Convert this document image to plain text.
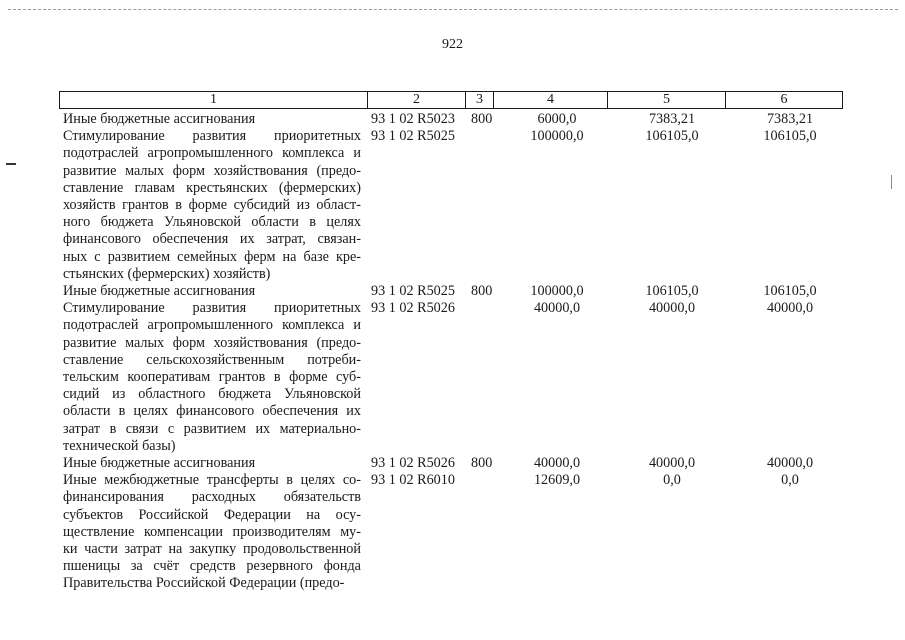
922
1	2	3	4	5	6
Иные бюджетные ассигнования	93 1 02 R5023 800	6000,0	7383,21	7383,21
Стимулирование развития приоритетных
подотраслей агропромышленного комплекса и
развитие малых форм хозяйствования (предо-
ставление главам крестьянских (фермерских)
хозяйств грантов в форме субсидий из област-
ного бюджета Ульяновской области в целях
финансового обеспечения их затрат, связан-
ных с развитием семейных ферм на базе кре-
стьянских (фермерских) хозяйств)
93 1 02 R5025	100000,0	106105,0	106105,0
Иные бюджетные ассигнования	93 1 02 R5025 800	100000,0	106105,0	106105,0
Стимулирование развития приоритетных
подотраслей агропромышленного комплекса и
развитие малых форм хозяйствования (предо-
ставление сельскохозяйственным потреби-
тельским кооперативам грантов в форме суб-
сидий из областного бюджета Ульяновской
области в целях финансового обеспечения их
затрат в связи с развитием их материально-
технической базы)
93 1 02 R5026	40000,0	40000,0	40000,0
Иные бюджетные ассигнования	93 1 02 R5026 800	40000,0	40000,0	40000,0
Иные межбюджетные трансферты в целях со-
финансирования расходных обязательств
субъектов Российской Федерации на осу-
ществление компенсации производителям му-
ки части затрат на закупку продовольственной
пшеницы за счёт средств резервного фонда
Правительства Российской Федерации (предо-
93 1 02 R6010	12609,0	0,0	0,0
